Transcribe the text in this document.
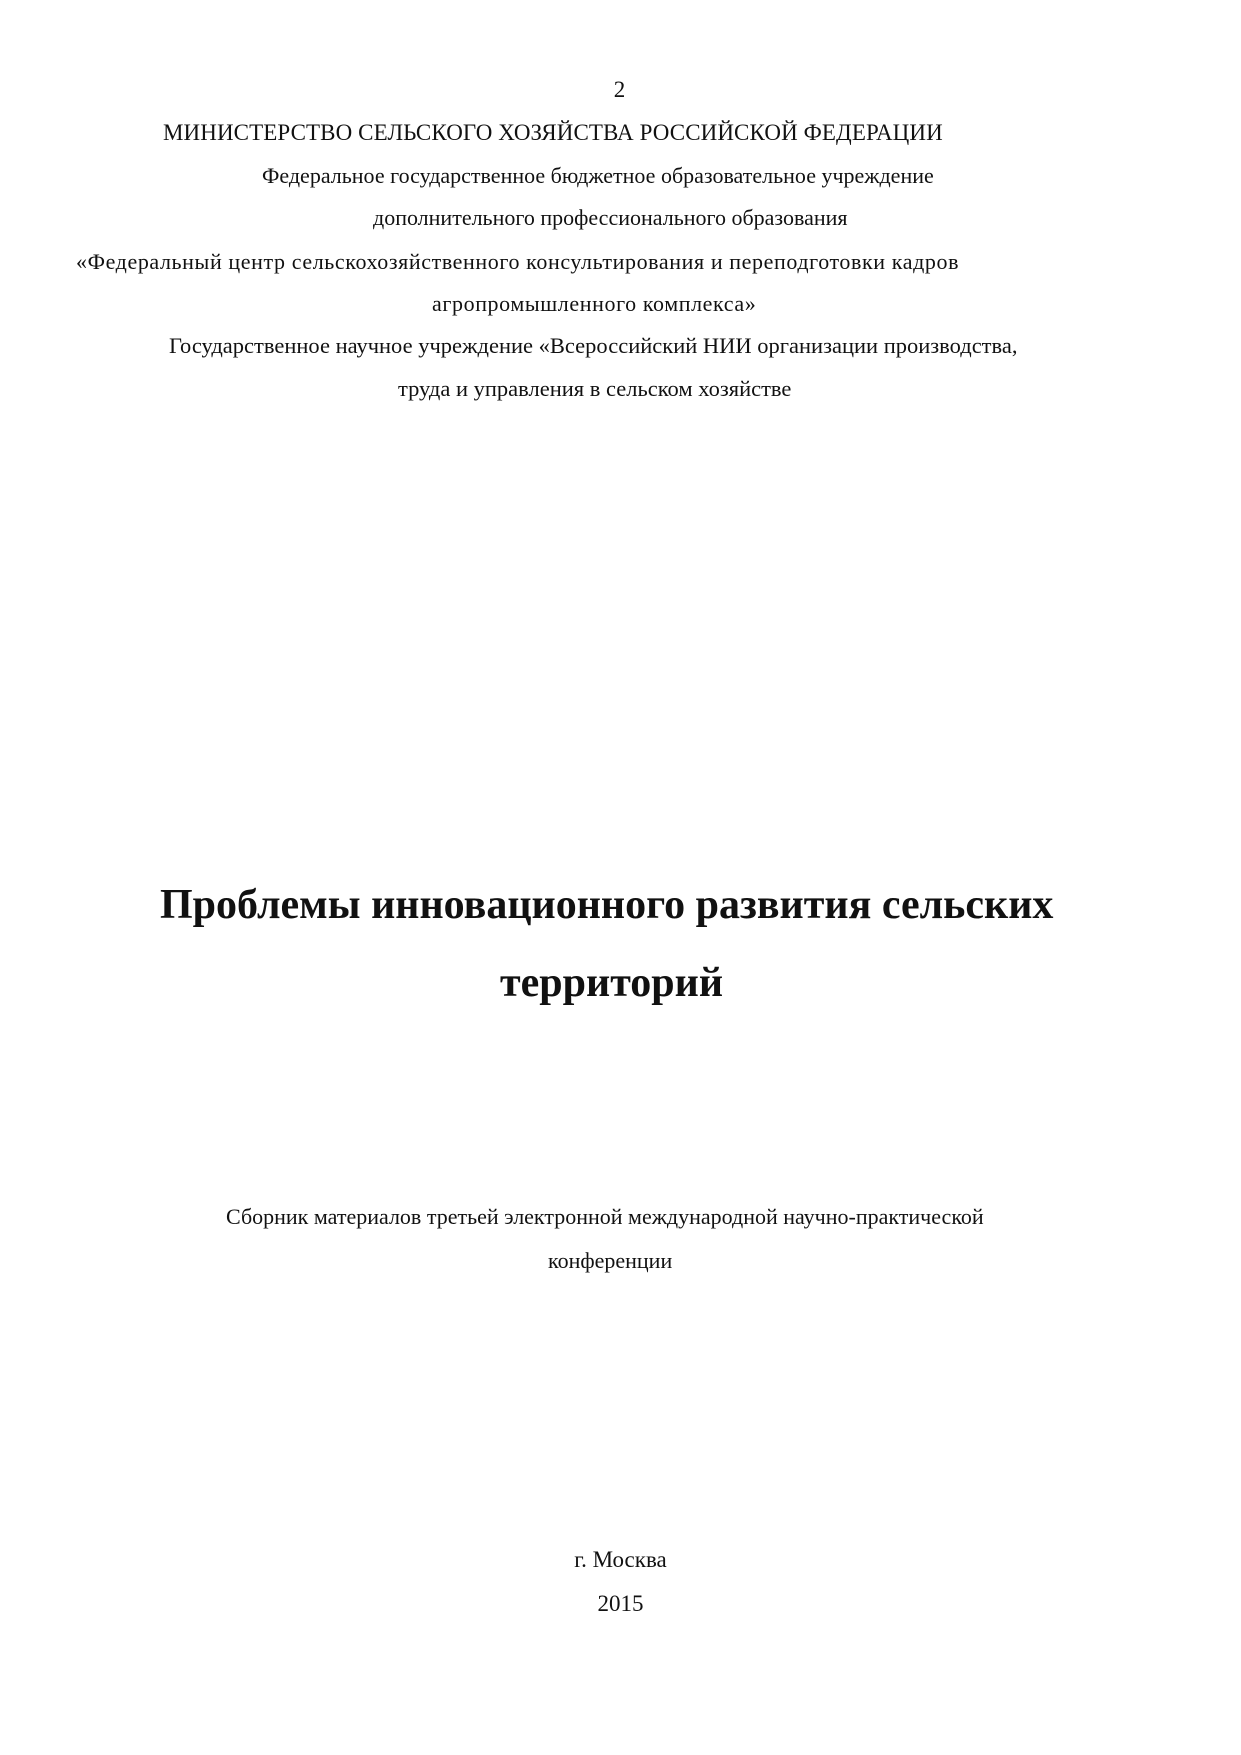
2
МИНИСТЕРСТВО СЕЛЬСКОГО ХОЗЯЙСТВА РОССИЙСКОЙ ФЕДЕРАЦИИ
Федеральное государственное бюджетное образовательное учреждение
дополнительного профессионального образования
«Федеральный центр сельскохозяйственного консультирования и переподготовки кадров
агропромышленного комплекса»
Государственное научное учреждение «Всероссийский НИИ организации производства,
труда и управления в сельском хозяйстве
Проблемы инновационного развития сельских
территорий
Сборник материалов третьей электронной международной научно-практической
конференции
г. Москва
2015
